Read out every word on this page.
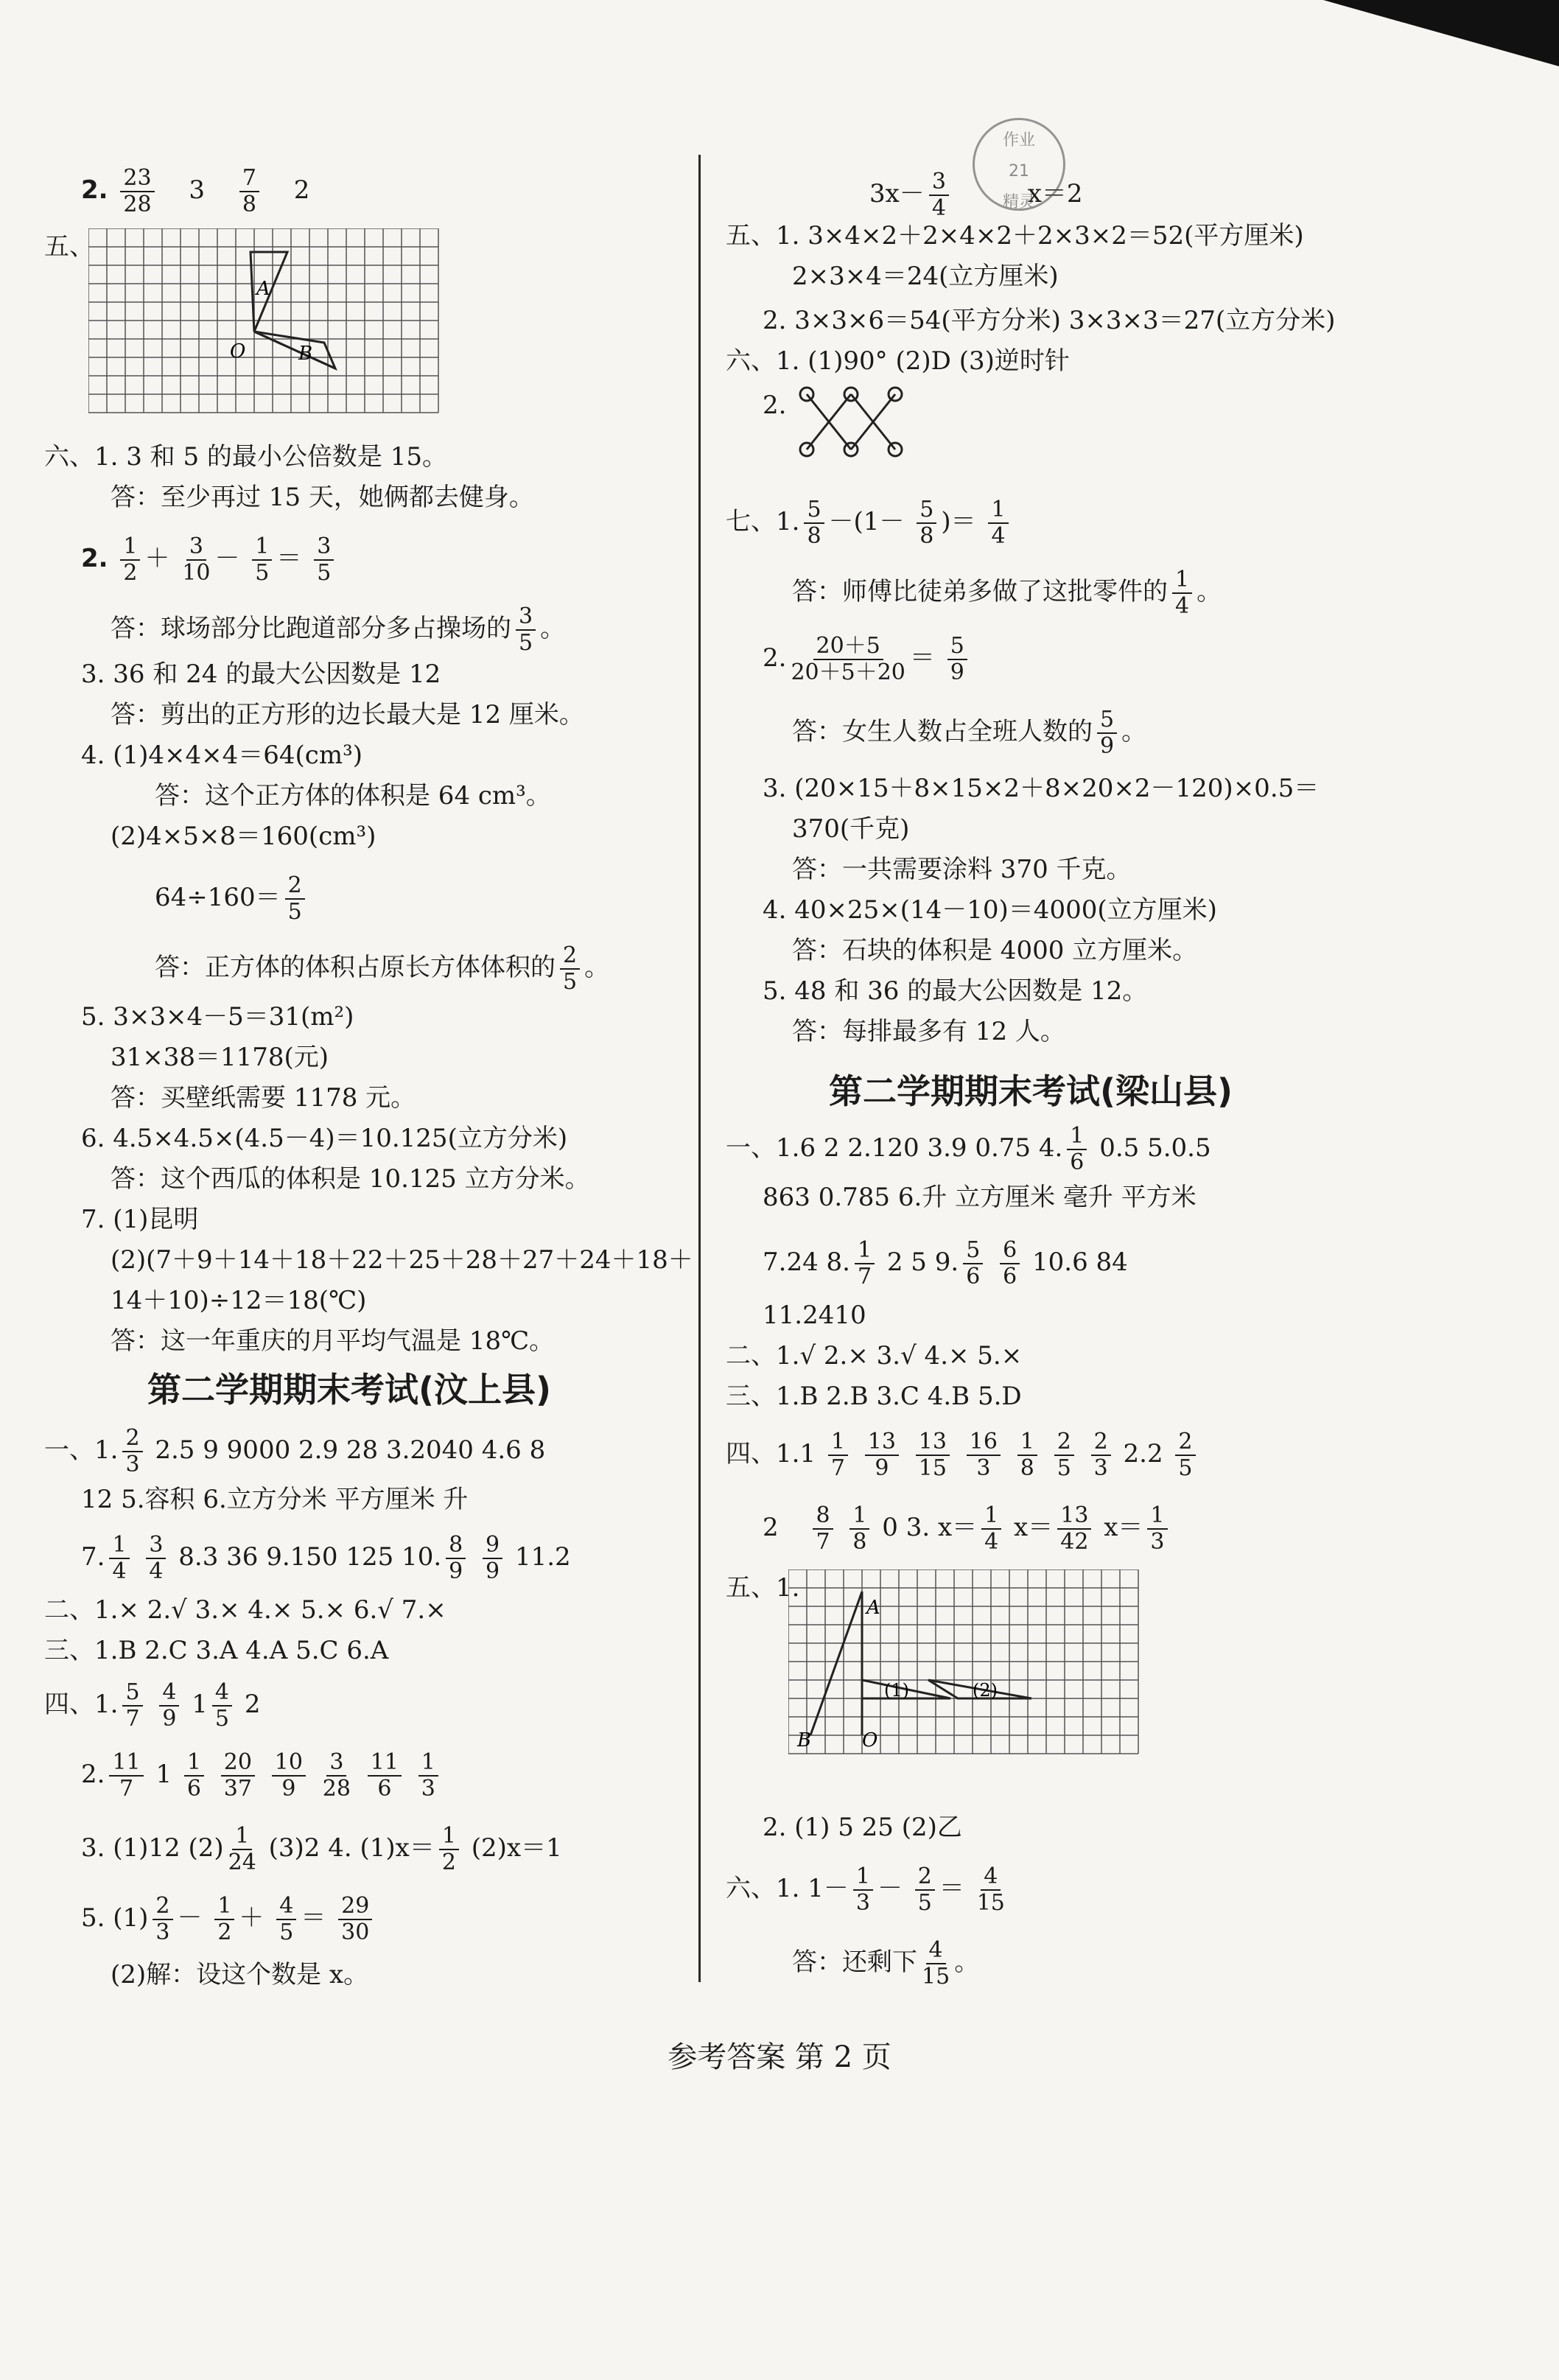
2. $\frac{23}{28} 3 \frac{7}{8} 2$
五、
A
O	B
六、1. 3 和 5 的最小公倍数是 15。
答：至少再过 15 天，她俩都去健身。
2. $\frac{1}{2} + \frac{3}{10} - \frac{1}{5} = \frac{3}{5}$
答：球场部分比跑道部分多占操场的 $\frac{3}{5}$ 。
3. 36 和 24 的最大公因数是 12
答：剪出的正方形的边长最大是 12 厘米。
4. (1)4×4×4＝64(cm³)
答：这个正方体的体积是 64 cm³。
(2)4×5×8＝160(cm³)
$64\div 160= \frac{2}{5}$
答：正方体的体积占原长方体体积的 $\frac{2}{5}$ 。
5. 3×3×4－5＝31(m²)
31×38＝1178(元)
答：买壁纸需要 1178 元。
6. 4.5×4.5×(4.5－4)＝10.125(立方分米)
答：这个西瓜的体积是 10.125 立方分米。
7. (1)昆明
(2)(7＋9＋14＋18＋22＋25＋28＋27＋24＋18＋
14＋10)÷12＝18(℃)
答：这一年重庆的月平均气温是 18℃。
第二学期期末考试(汶上县)
一、1. $\frac{2}{3} 2.5$ 9 9000 2.9 28 3.2040 4.6 8
12 5.容积 6.立方分米 平方厘米 升
7. $\frac{1}{4}$
$\frac{3}{4} 8.3$ 36 9.150 125 10. $\frac{8}{9}$
$\frac{9}{9} 11.2$
二、1.× 2.√ 3.× 4.× 5.× 6.√ 7.×
三、1.B 2.C 3.A 4.A 5.C 6.A
四、1. $\frac{5}{7}$
$\frac{4}{9} 1 \frac{4}{5} 2$
2. $\frac{11}{7} 1 \frac{1}{6}$
$\frac{20}{37}$
$\frac{10}{9}$
$\frac{3}{28}$
$\frac{11}{6}$
$\frac{1}{3}$
3. (1)12 $(2) \frac{1}{24} (3)2$ 4. $(1)x= \frac{1}{2} (2)x=1$
5. $(1) \frac{2}{3} - \frac{1}{2} + \frac{4}{5} = \frac{29}{30}$
(2)解：设这个数是 x。
$3x- \frac{3}{4}$	x＝2
五、1. 3×4×2＋2×4×2＋2×3×2＝52(平方厘米)
2×3×4＝24(立方厘米)
2. 3×3×6＝54(平方分米) 3×3×3＝27(立方分米)
六、1. (1)90° (2)D (3)逆时针
2.
七、1. $\frac{5}{8} -(1- \frac{5}{8}$ )＝ $\frac{1}{4}$
答：师傅比徒弟多做了这批零件的 $\frac{1}{4}$ 。
2. $\frac{20+5}{20+5+20} = \frac{5}{9}$
答：女生人数占全班人数的 $\frac{5}{9}$ 。
3. (20×15＋8×15×2＋8×20×2－120)×0.5＝
370(千克)
答：一共需要涂料 370 千克。
4. 40×25×(14－10)＝4000(立方厘米)
答：石块的体积是 4000 立方厘米。
5. 48 和 36 的最大公因数是 12。
答：每排最多有 12 人。
第二学期期末考试(梁山县)
一、1.6 2 2.120 3.9 0.75 4. $\frac{1}{6} 0.5$ 5.0.5
863 0.785 6.升 立方厘米 毫升 平方米
7.24 8. $\frac{1}{7} 2$ 5 9. $\frac{5}{6}$
$\frac{6}{6} 10.6$ 84
11.2410
二、1.√ 2.× 3.√ 4.× 5.×
三、1.B 2.B 3.C 4.B 5.D
四、$1.1 \frac{1}{7}$
$\frac{13}{9}$
$\frac{13}{15}$
$\frac{16}{3}$
$\frac{1}{8}$
$\frac{2}{5}$
$\frac{2}{3} 2.2 \frac{2}{5}$
$2 \frac{8}{7}$
$\frac{1}{8} 0$ 3. $x= \frac{1}{4} x= \frac{13}{42} x= \frac{1}{3}$
五、1.
A
B	O
(1)	(2)
2. (1) 5 25 (2)乙
六、1. $1- \frac{1}{3} - \frac{2}{5} = \frac{4}{15}$
答：还剩下 $\frac{4}{15}$ 。
作业
21
精灵
参考答案 第 2 页
